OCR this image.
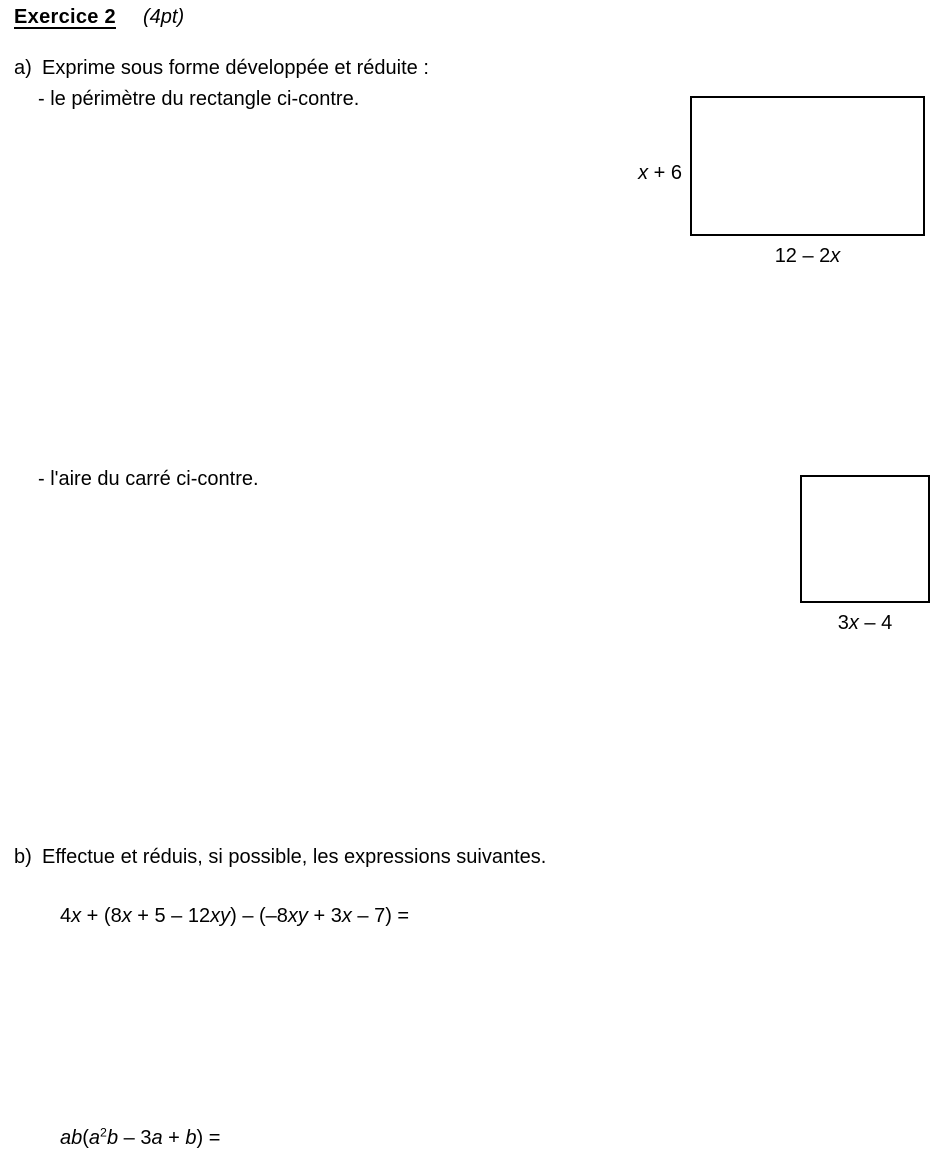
Exercice 2 (4pt)
a) Exprime sous forme développée et réduite :
- le périmètre du rectangle ci-contre.
x + 6
12 – 2x
- l'aire du carré ci-contre.
3x – 4
b) Effectue et réduis, si possible, les expressions suivantes.
4x + (8x + 5 – 12xy) – (–8xy + 3x – 7) =
$ab(a^2b - 3a + b)$ =
